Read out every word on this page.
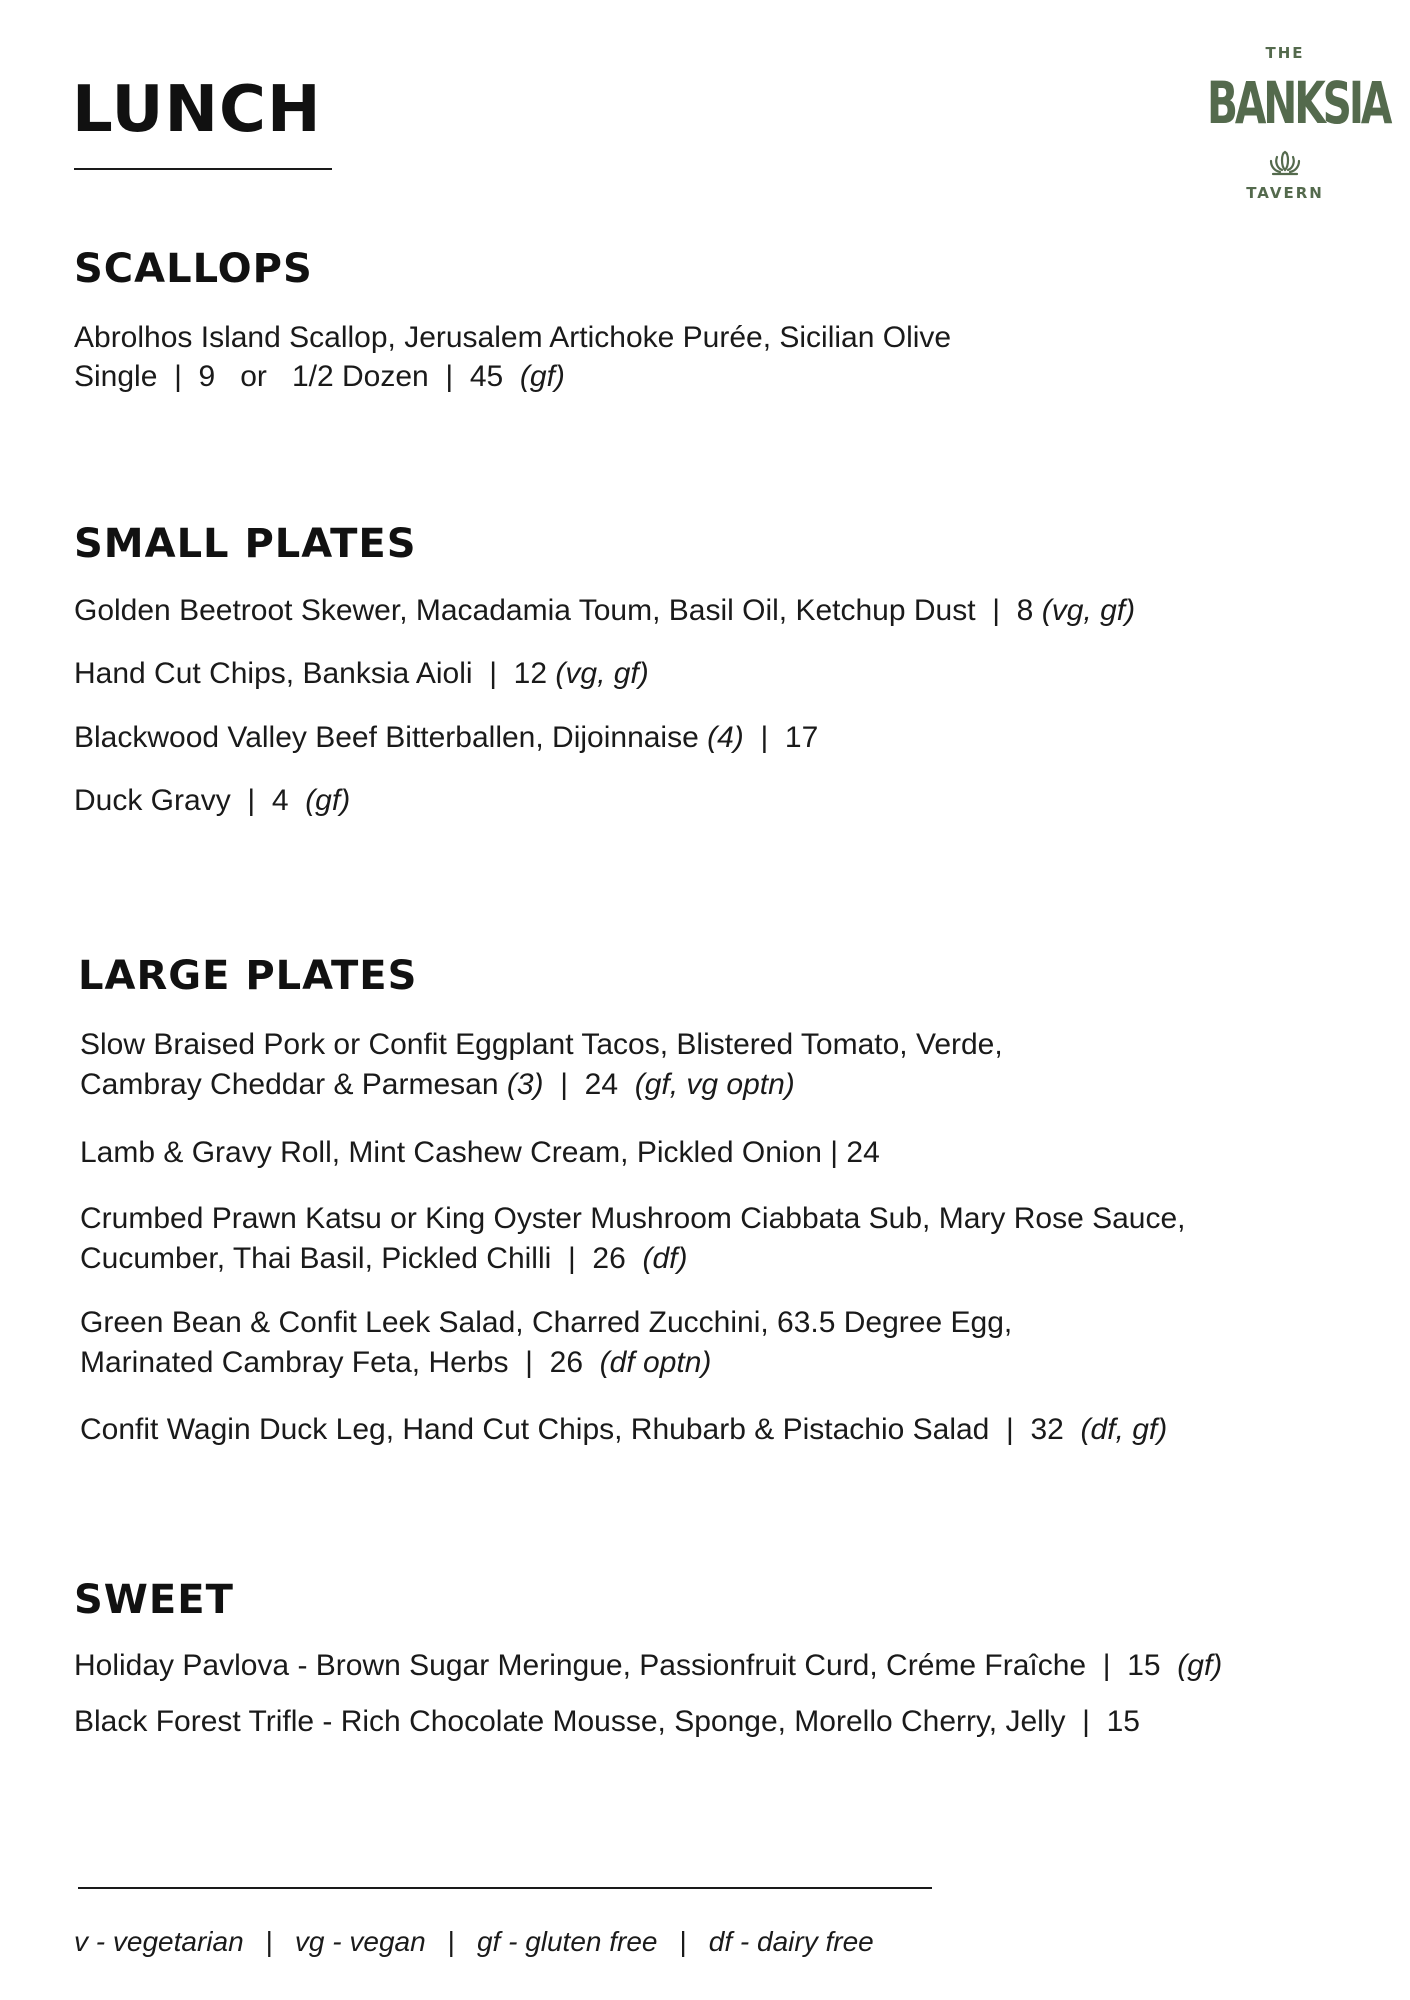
LUNCH
THE
BANKSIA
TAVERN
SCALLOPS
Abrolhos Island Scallop, Jerusalem Artichoke Purée, Sicilian Olive
Single  |  9 or 1/2 Dozen  |  45 (gf)
SMALL PLATES
Golden Beetroot Skewer, Macadamia Toum, Basil Oil, Ketchup Dust  |  8 (vg, gf)
Hand Cut Chips, Banksia Aioli  |  12 (vg, gf)
Blackwood Valley Beef Bitterballen, Dijoinnaise (4)  |  17
Duck Gravy  |  4  (gf)
LARGE PLATES
Slow Braised Pork or Confit Eggplant Tacos, Blistered Tomato, Verde,
Cambray Cheddar & Parmesan (3)  |  24  (gf, vg optn)
Lamb & Gravy Roll, Mint Cashew Cream, Pickled Onion | 24
Crumbed Prawn Katsu or King Oyster Mushroom Ciabbata Sub, Mary Rose Sauce,
Cucumber, Thai Basil, Pickled Chilli  |  26  (df)
Green Bean & Confit Leek Salad, Charred Zucchini, 63.5 Degree Egg,
Marinated Cambray Feta, Herbs  |  26  (df optn)
Confit Wagin Duck Leg, Hand Cut Chips, Rhubarb & Pistachio Salad  |  32  (df, gf)
SWEET
Holiday Pavlova - Brown Sugar Meringue, Passionfruit Curd, Créme Fraîche  |  15  (gf)
Black Forest Trifle - Rich Chocolate Mousse, Sponge, Morello Cherry, Jelly  |  15
v - vegetarian | vg - vegan | gf - gluten free | df - dairy free
